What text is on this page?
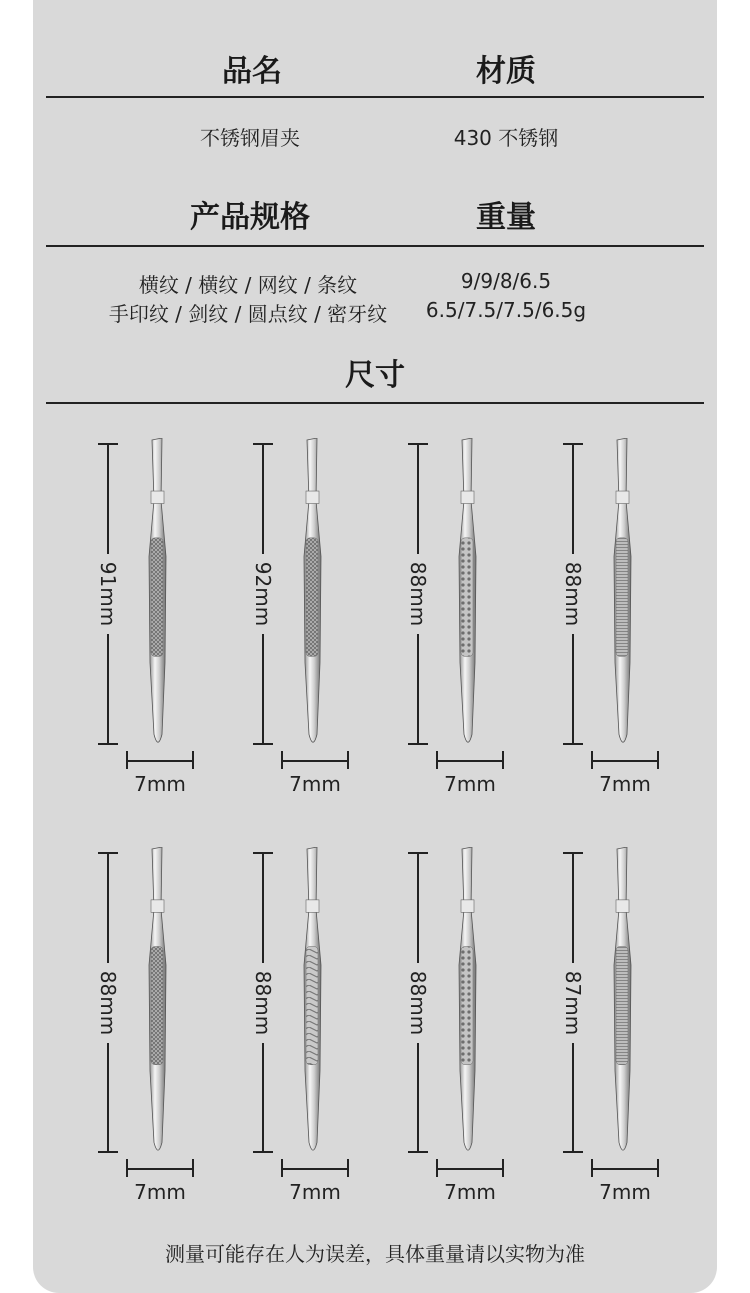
品名	材质
不锈钢眉夹	430 不锈钢
产品规格	重量
横纹 / 横纹 / 网纹 / 条纹	9/9/8/6.5
手印纹 / 剑纹 / 圆点纹 / 密牙纹 6.5/7.5/7.5/6.5g
尺寸
91mm
7mm
92mm
7mm
88mm
7mm
88mm
7mm
88mm
7mm
88mm
7mm
88mm
7mm
87mm
7mm
测量可能存在人为误差，具体重量请以实物为准
